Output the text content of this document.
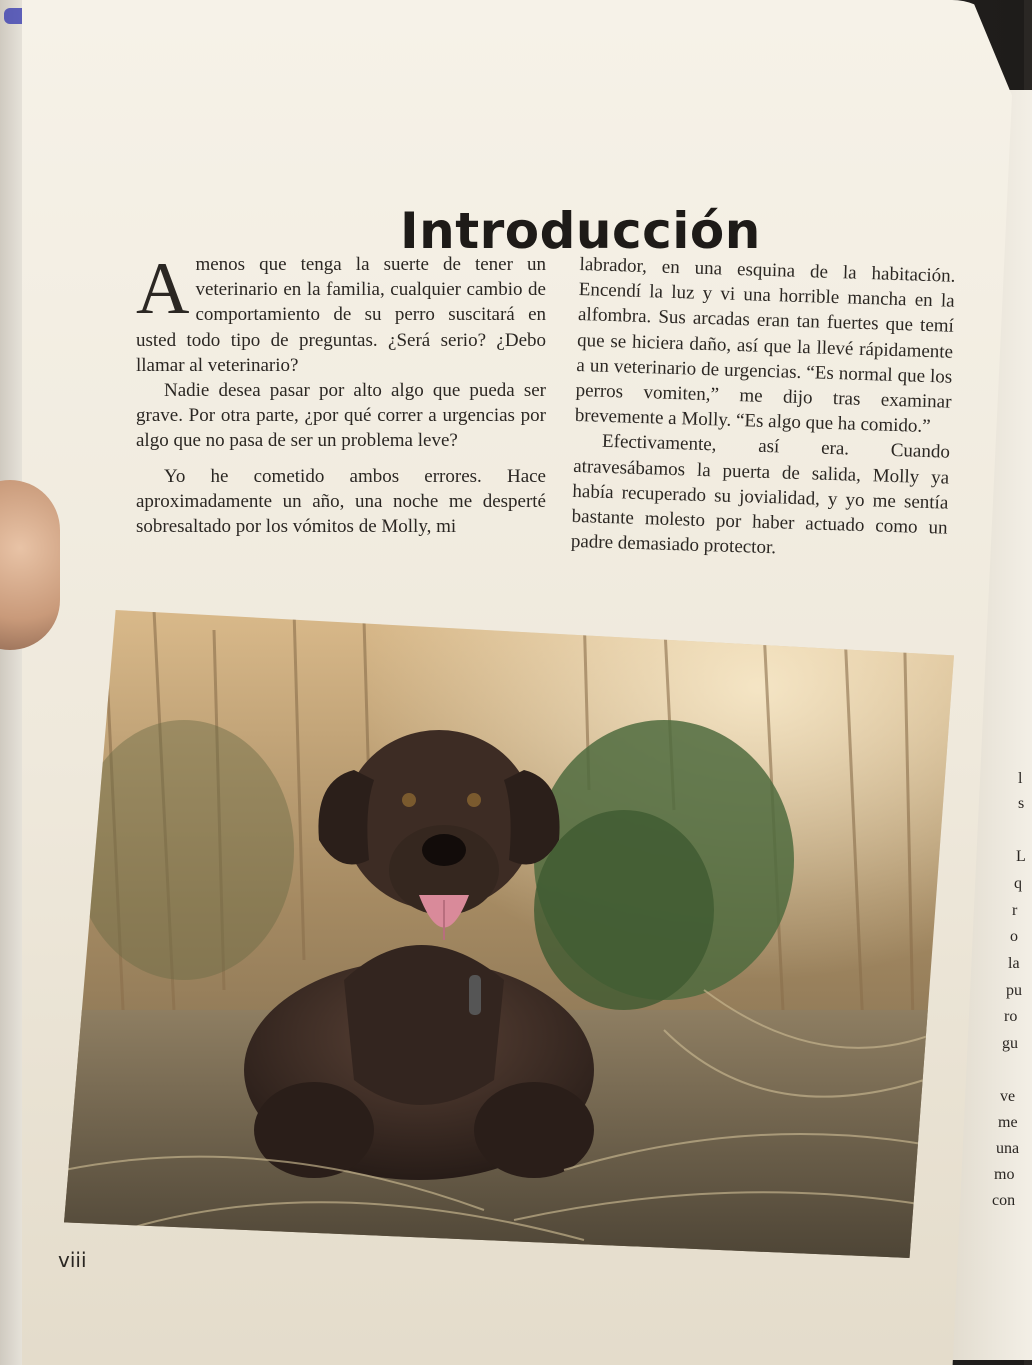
l
s
L
q
r
o
la
pu
ro
gu
ve
me
una
mo
con
Introducción

Amenos que tenga la suerte de tener un veterinario en la familia, cualquier cambio de comportamiento de su perro suscitará en usted todo tipo de preguntas. ¿Será serio? ¿Debo llamar al veterinario?

Nadie desea pasar por alto algo que pueda ser grave. Por otra parte, ¿por qué correr a urgencias por algo que no pasa de ser un problema leve?

Yo he cometido ambos errores. Hace aproximadamente un año, una noche me desperté sobresaltado por los vómitos de Molly, mi

labrador, en una esquina de la habitación. Encendí la luz y vi una horrible mancha en la alfombra. Sus arcadas eran tan fuertes que temí que se hiciera daño, así que la llevé rápidamente a un veterinario de urgencias. “Es normal que los perros vomiten,” me dijo tras examinar brevemente a Molly. “Es algo que ha comido.”

Efectivamente, así era. Cuando atravesábamos la puerta de salida, Molly ya había recuperado su jovialidad, y yo me sentía bastante molesto por haber actuado como un padre demasiado protector.

viii
